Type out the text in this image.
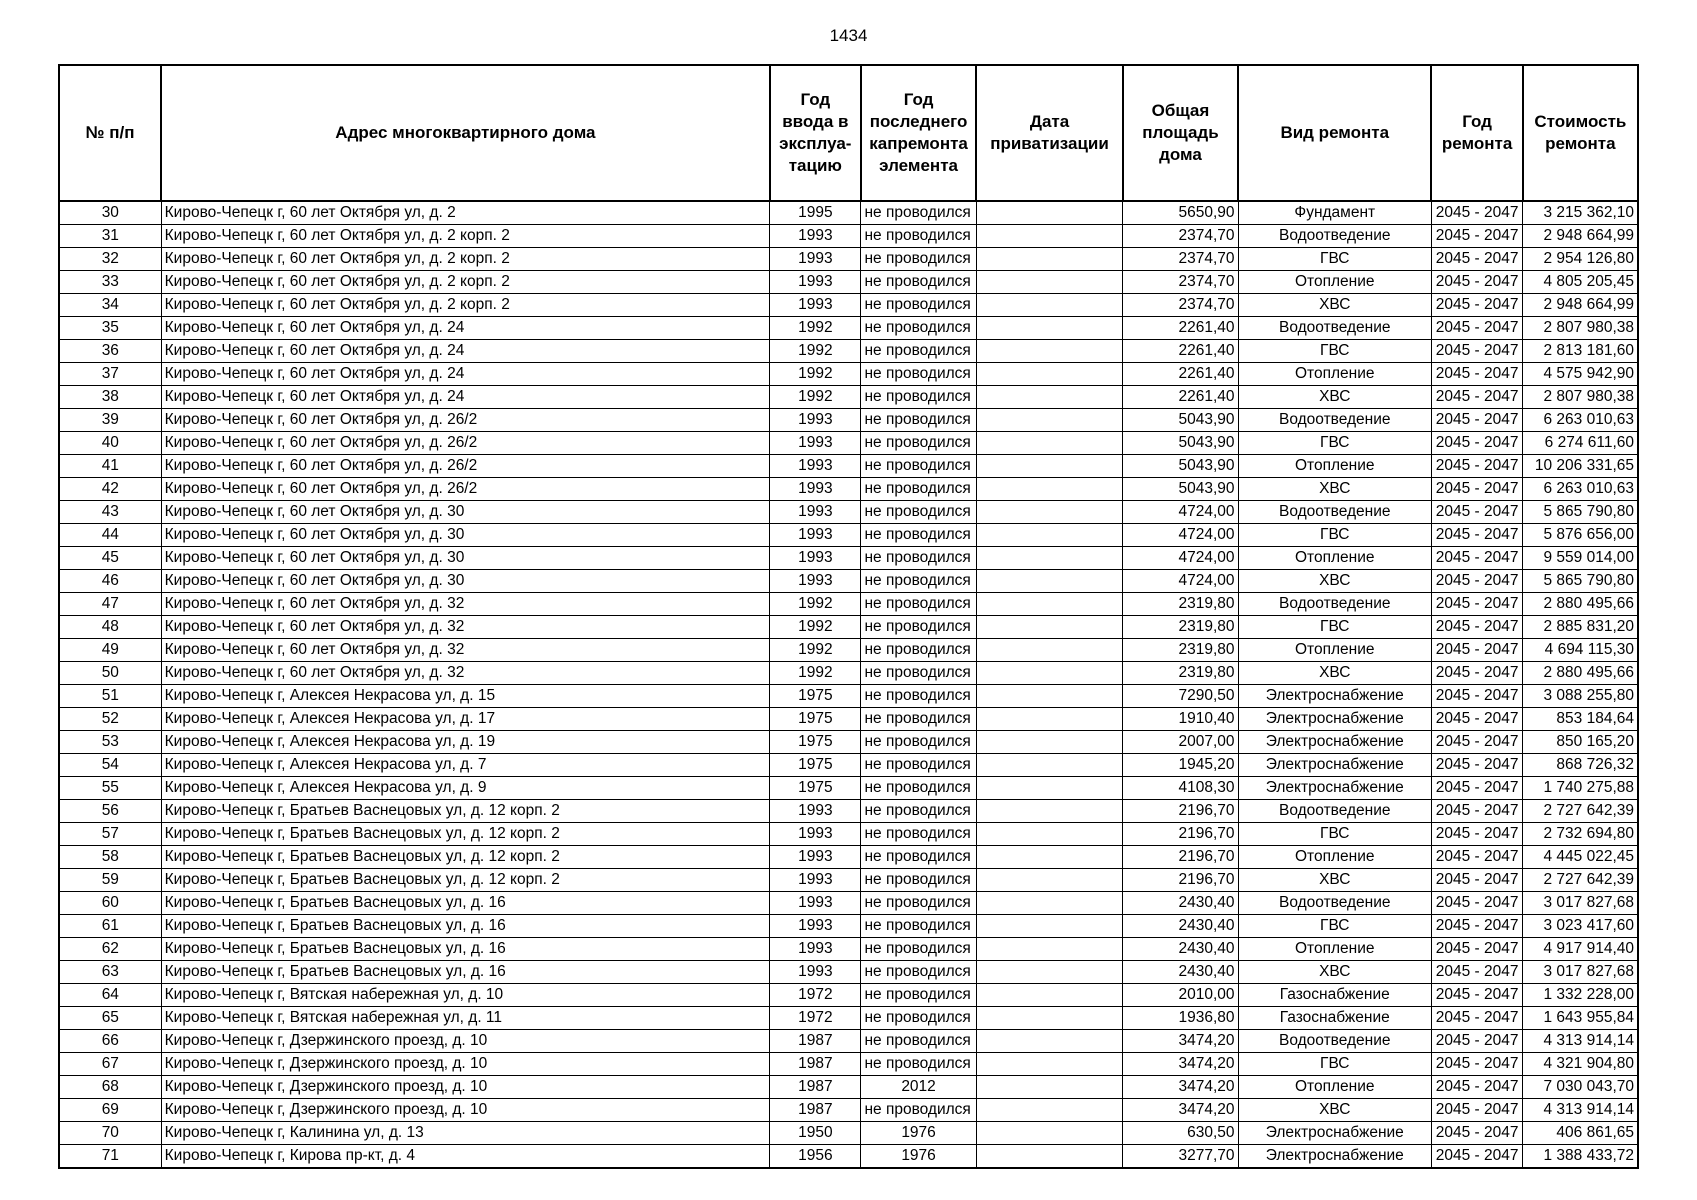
1434
№ п/п	Адрес многоквартирного дома	Год ввода в эксплуа-тацию	Год последнего капремонта элемента	Дата приватизации	Общая площадь дома	Вид ремонта	Год ремонта	Стоимость ремонта
30	Кирово-Чепецк г, 60 лет Октября ул, д. 2	1995	не проводился		5650,90	Фундамент	2045 - 2047	3 215 362,10
31	Кирово-Чепецк г, 60 лет Октября ул, д. 2 корп. 2	1993	не проводился		2374,70	Водоотведение	2045 - 2047	2 948 664,99
32	Кирово-Чепецк г, 60 лет Октября ул, д. 2 корп. 2	1993	не проводился		2374,70	ГВС	2045 - 2047	2 954 126,80
33	Кирово-Чепецк г, 60 лет Октября ул, д. 2 корп. 2	1993	не проводился		2374,70	Отопление	2045 - 2047	4 805 205,45
34	Кирово-Чепецк г, 60 лет Октября ул, д. 2 корп. 2	1993	не проводился		2374,70	ХВС	2045 - 2047	2 948 664,99
35	Кирово-Чепецк г, 60 лет Октября ул, д. 24	1992	не проводился		2261,40	Водоотведение	2045 - 2047	2 807 980,38
36	Кирово-Чепецк г, 60 лет Октября ул, д. 24	1992	не проводился		2261,40	ГВС	2045 - 2047	2 813 181,60
37	Кирово-Чепецк г, 60 лет Октября ул, д. 24	1992	не проводился		2261,40	Отопление	2045 - 2047	4 575 942,90
38	Кирово-Чепецк г, 60 лет Октября ул, д. 24	1992	не проводился		2261,40	ХВС	2045 - 2047	2 807 980,38
39	Кирово-Чепецк г, 60 лет Октября ул, д. 26/2	1993	не проводился		5043,90	Водоотведение	2045 - 2047	6 263 010,63
40	Кирово-Чепецк г, 60 лет Октября ул, д. 26/2	1993	не проводился		5043,90	ГВС	2045 - 2047	6 274 611,60
41	Кирово-Чепецк г, 60 лет Октября ул, д. 26/2	1993	не проводился		5043,90	Отопление	2045 - 2047	10 206 331,65
42	Кирово-Чепецк г, 60 лет Октября ул, д. 26/2	1993	не проводился		5043,90	ХВС	2045 - 2047	6 263 010,63
43	Кирово-Чепецк г, 60 лет Октября ул, д. 30	1993	не проводился		4724,00	Водоотведение	2045 - 2047	5 865 790,80
44	Кирово-Чепецк г, 60 лет Октября ул, д. 30	1993	не проводился		4724,00	ГВС	2045 - 2047	5 876 656,00
45	Кирово-Чепецк г, 60 лет Октября ул, д. 30	1993	не проводился		4724,00	Отопление	2045 - 2047	9 559 014,00
46	Кирово-Чепецк г, 60 лет Октября ул, д. 30	1993	не проводился		4724,00	ХВС	2045 - 2047	5 865 790,80
47	Кирово-Чепецк г, 60 лет Октября ул, д. 32	1992	не проводился		2319,80	Водоотведение	2045 - 2047	2 880 495,66
48	Кирово-Чепецк г, 60 лет Октября ул, д. 32	1992	не проводился		2319,80	ГВС	2045 - 2047	2 885 831,20
49	Кирово-Чепецк г, 60 лет Октября ул, д. 32	1992	не проводился		2319,80	Отопление	2045 - 2047	4 694 115,30
50	Кирово-Чепецк г, 60 лет Октября ул, д. 32	1992	не проводился		2319,80	ХВС	2045 - 2047	2 880 495,66
51	Кирово-Чепецк г, Алексея Некрасова ул, д. 15	1975	не проводился		7290,50	Электроснабжение	2045 - 2047	3 088 255,80
52	Кирово-Чепецк г, Алексея Некрасова ул, д. 17	1975	не проводился		1910,40	Электроснабжение	2045 - 2047	853 184,64
53	Кирово-Чепецк г, Алексея Некрасова ул, д. 19	1975	не проводился		2007,00	Электроснабжение	2045 - 2047	850 165,20
54	Кирово-Чепецк г, Алексея Некрасова ул, д. 7	1975	не проводился		1945,20	Электроснабжение	2045 - 2047	868 726,32
55	Кирово-Чепецк г, Алексея Некрасова ул, д. 9	1975	не проводился		4108,30	Электроснабжение	2045 - 2047	1 740 275,88
56	Кирово-Чепецк г, Братьев Васнецовых ул, д. 12 корп. 2	1993	не проводился		2196,70	Водоотведение	2045 - 2047	2 727 642,39
57	Кирово-Чепецк г, Братьев Васнецовых ул, д. 12 корп. 2	1993	не проводился		2196,70	ГВС	2045 - 2047	2 732 694,80
58	Кирово-Чепецк г, Братьев Васнецовых ул, д. 12 корп. 2	1993	не проводился		2196,70	Отопление	2045 - 2047	4 445 022,45
59	Кирово-Чепецк г, Братьев Васнецовых ул, д. 12 корп. 2	1993	не проводился		2196,70	ХВС	2045 - 2047	2 727 642,39
60	Кирово-Чепецк г, Братьев Васнецовых ул, д. 16	1993	не проводился		2430,40	Водоотведение	2045 - 2047	3 017 827,68
61	Кирово-Чепецк г, Братьев Васнецовых ул, д. 16	1993	не проводился		2430,40	ГВС	2045 - 2047	3 023 417,60
62	Кирово-Чепецк г, Братьев Васнецовых ул, д. 16	1993	не проводился		2430,40	Отопление	2045 - 2047	4 917 914,40
63	Кирово-Чепецк г, Братьев Васнецовых ул, д. 16	1993	не проводился		2430,40	ХВС	2045 - 2047	3 017 827,68
64	Кирово-Чепецк г, Вятская набережная ул, д. 10	1972	не проводился		2010,00	Газоснабжение	2045 - 2047	1 332 228,00
65	Кирово-Чепецк г, Вятская набережная ул, д. 11	1972	не проводился		1936,80	Газоснабжение	2045 - 2047	1 643 955,84
66	Кирово-Чепецк г, Дзержинского проезд, д. 10	1987	не проводился		3474,20	Водоотведение	2045 - 2047	4 313 914,14
67	Кирово-Чепецк г, Дзержинского проезд, д. 10	1987	не проводился		3474,20	ГВС	2045 - 2047	4 321 904,80
68	Кирово-Чепецк г, Дзержинского проезд, д. 10	1987	2012		3474,20	Отопление	2045 - 2047	7 030 043,70
69	Кирово-Чепецк г, Дзержинского проезд, д. 10	1987	не проводился		3474,20	ХВС	2045 - 2047	4 313 914,14
70	Кирово-Чепецк г, Калинина ул, д. 13	1950	1976		630,50	Электроснабжение	2045 - 2047	406 861,65
71	Кирово-Чепецк г, Кирова пр-кт, д. 4	1956	1976		3277,70	Электроснабжение	2045 - 2047	1 388 433,72
